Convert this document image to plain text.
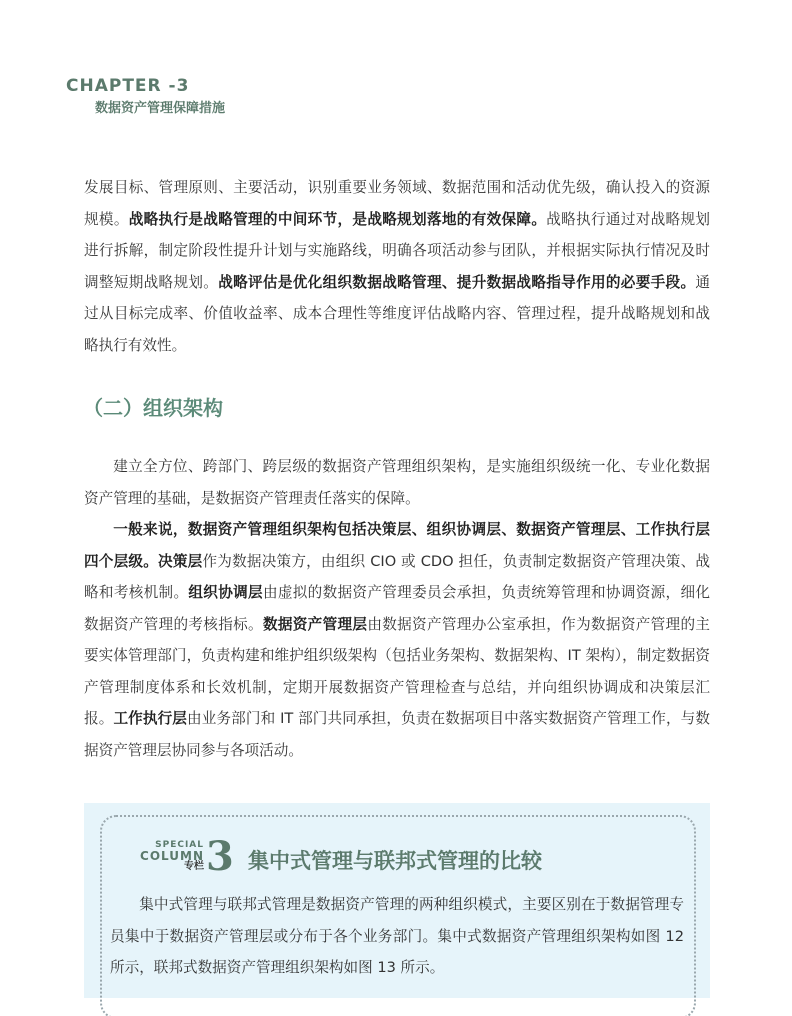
CHAPTER -3
数据资产管理保障措施
发展目标、管理原则、主要活动，识别重要业务领域、数据范围和活动优先级，确认投入的资源规模。战略执行是战略管理的中间环节，是战略规划落地的有效保障。战略执行通过对战略规划进行拆解，制定阶段性提升计划与实施路线，明确各项活动参与团队，并根据实际执行情况及时调整短期战略规划。战略评估是优化组织数据战略管理、提升数据战略指导作用的必要手段。通过从目标完成率、价值收益率、成本合理性等维度评估战略内容、管理过程，提升战略规划和战略执行有效性。
（二）组织架构
建立全方位、跨部门、跨层级的数据资产管理组织架构，是实施组织级统一化、专业化数据资产管理的基础，是数据资产管理责任落实的保障。
一般来说，数据资产管理组织架构包括决策层、组织协调层、数据资产管理层、工作执行层四个层级。决策层作为数据决策方，由组织 CIO 或 CDO 担任，负责制定数据资产管理决策、战略和考核机制。组织协调层由虚拟的数据资产管理委员会承担，负责统筹管理和协调资源，细化数据资产管理的考核指标。数据资产管理层由数据资产管理办公室承担，作为数据资产管理的主要实体管理部门，负责构建和维护组织级架构（包括业务架构、数据架构、IT 架构），制定数据资产管理制度体系和长效机制，定期开展数据资产管理检查与总结，并向组织协调成和决策层汇报。工作执行层由业务部门和 IT 部门共同承担，负责在数据项目中落实数据资产管理工作，与数据资产管理层协同参与各项活动。
SPECIAL
COLUMN
专栏 3 集中式管理与联邦式管理的比较
集中式管理与联邦式管理是数据资产管理的两种组织模式，主要区别在于数据管理专员集中于数据资产管理层或分布于各个业务部门。集中式数据资产管理组织架构如图 12 所示，联邦式数据资产管理组织架构如图 13 所示。
